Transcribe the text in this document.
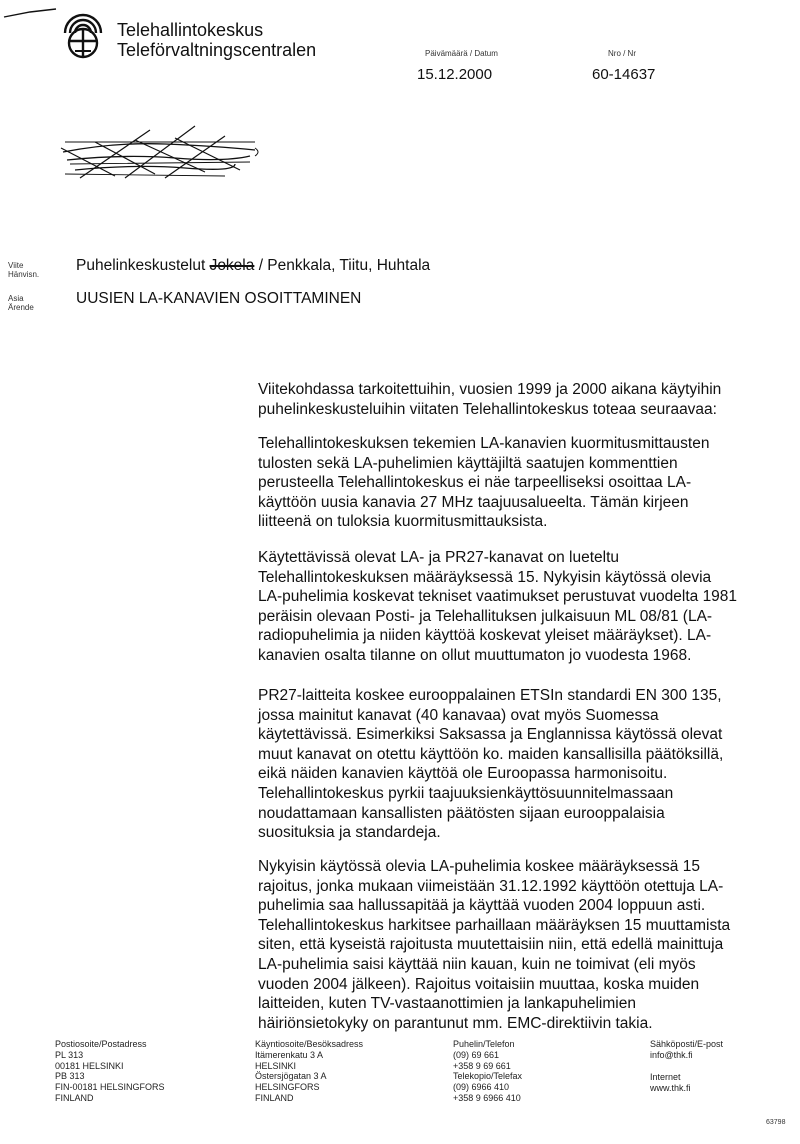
Telehallintokeskus
Teleförvaltningscentralen	Päivämäärä / Datum	Nro / Nr
15.12.2000	60-14637
Viite
Hänvisn.
Puhelinkeskustelut Jokela / Penkkala, Tiitu, Huhtala
Asia
Ärende
UUSIEN LA-KANAVIEN OSOITTAMINEN

Viitekohdassa tarkoitettuihin, vuosien 1999 ja 2000 aikana käytyihin
puhelinkeskusteluihin viitaten Telehallintokeskus toteaa seuraavaa:

Telehallintokeskuksen tekemien LA-kanavien kuormitusmittausten
tulosten sekä LA-puhelimien käyttäjiltä saatujen kommenttien
perusteella Telehallintokeskus ei näe tarpeelliseksi osoittaa LA-
käyttöön uusia kanavia 27 MHz taajuusalueelta. Tämän kirjeen
liitteenä on tuloksia kuormitusmittauksista.

Käytettävissä olevat LA- ja PR27-kanavat on lueteltu
Telehallintokeskuksen määräyksessä 15. Nykyisin käytössä olevia
LA-puhelimia koskevat tekniset vaatimukset perustuvat vuodelta 1981
peräisin olevaan Posti- ja Telehallituksen julkaisuun ML 08/81 (LA-
radiopuhelimia ja niiden käyttöä koskevat yleiset määräykset). LA-
kanavien osalta tilanne on ollut muuttumaton jo vuodesta 1968.

PR27-laitteita koskee eurooppalainen ETSIn standardi EN 300 135,
jossa mainitut kanavat (40 kanavaa) ovat myös Suomessa
käytettävissä. Esimerkiksi Saksassa ja Englannissa käytössä olevat
muut kanavat on otettu käyttöön ko. maiden kansallisilla päätöksillä,
eikä näiden kanavien käyttöä ole Euroopassa harmonisoitu.
Telehallintokeskus pyrkii taajuuksienkäyttösuunnitelmassaan
noudattamaan kansallisten päätösten sijaan eurooppalaisia
suosituksia ja standardeja.

Nykyisin käytössä olevia LA-puhelimia koskee määräyksessä 15
rajoitus, jonka mukaan viimeistään 31.12.1992 käyttöön otettuja LA-
puhelimia saa hallussapitää ja käyttää vuoden 2004 loppuun asti.
Telehallintokeskus harkitsee parhaillaan määräyksen 15 muuttamista
siten, että kyseistä rajoitusta muutettaisiin niin, että edellä mainittuja
LA-puhelimia saisi käyttää niin kauan, kuin ne toimivat (eli myös
vuoden 2004 jälkeen). Rajoitus voitaisiin muuttaa, koska muiden
laitteiden, kuten TV-vastaanottimien ja lankapuhelimien
häiriönsietokyky on parantunut mm. EMC-direktiivin takia.

Postiosoite/Postadress
PL 313
00181 HELSINKI
PB 313
FIN-00181 HELSINGFORS
FINLAND
Käyntiosoite/Besöksadress
Itämerenkatu 3 A
HELSINKI
Östersjögatan 3 A
HELSINGFORS
FINLAND
Puhelin/Telefon
(09) 69 661
+358 9 69 661
Telekopio/Telefax
(09) 6966 410
+358 9 6966 410
Sähköposti/E-post
info@thk.fi
Internet
www.thk.fi
63798
